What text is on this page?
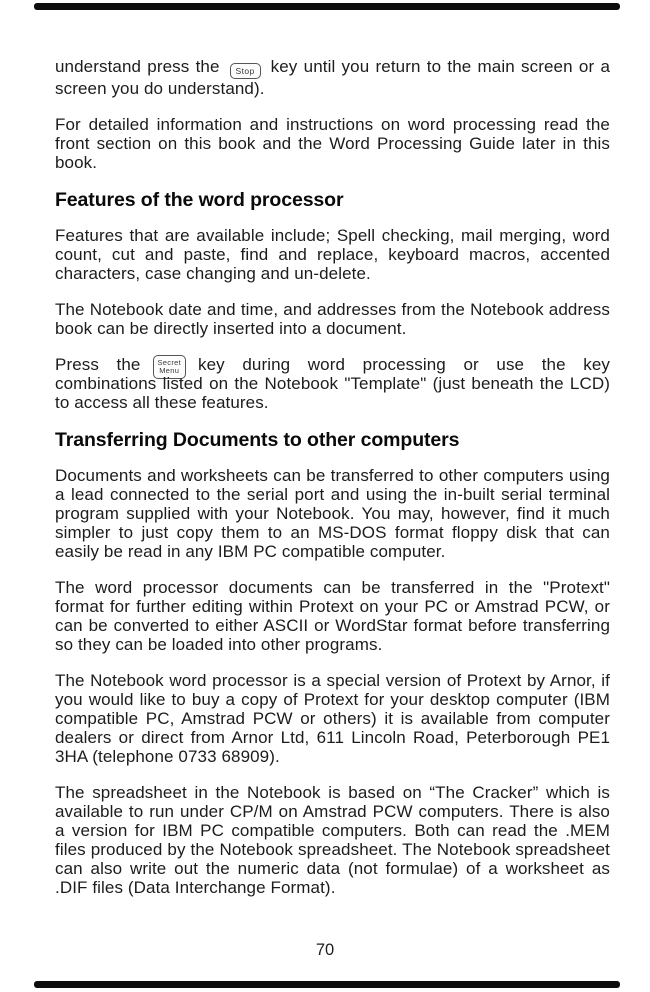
understand press the Stop key until you return to the main screen or a screen you do understand).

For detailed information and instructions on word processing read the front section on this book and the Word Processing Guide later in this book.

Features of the word processor

Features that are available include; Spell checking, mail merging, word count, cut and paste, find and replace, keyboard macros, accented characters, case changing and un-delete.

The Notebook date and time, and addresses from the Notebook address book can be directly inserted into a document.

Press the Secret
Menu key during word processing or use the key combinations listed on the Notebook "Template" (just beneath the LCD) to access all these features.

Transferring Documents to other computers

Documents and worksheets can be transferred to other computers using a lead connected to the serial port and using the in-built serial terminal program supplied with your Notebook. You may, however, find it much simpler to just copy them to an MS-DOS format floppy disk that can easily be read in any IBM PC compatible computer.

The word processor documents can be transferred in the "Protext" format for further editing within Protext on your PC or Amstrad PCW, or can be converted to either ASCII or WordStar format before transferring so they can be loaded into other programs.

The Notebook word processor is a special version of Protext by Arnor, if you would like to buy a copy of Protext for your desktop computer (IBM compatible PC, Amstrad PCW or others) it is available from computer dealers or direct from Arnor Ltd, 611 Lincoln Road, Peterborough PE1 3HA (telephone 0733 68909).

The spreadsheet in the Notebook is based on “The Cracker” which is available to run under CP/M on Amstrad PCW computers. There is also a version for IBM PC compatible computers. Both can read the .MEM files produced by the Notebook spreadsheet. The Notebook spreadsheet can also write out the numeric data (not formulae) of a worksheet as .DIF files (Data Interchange Format).

70
